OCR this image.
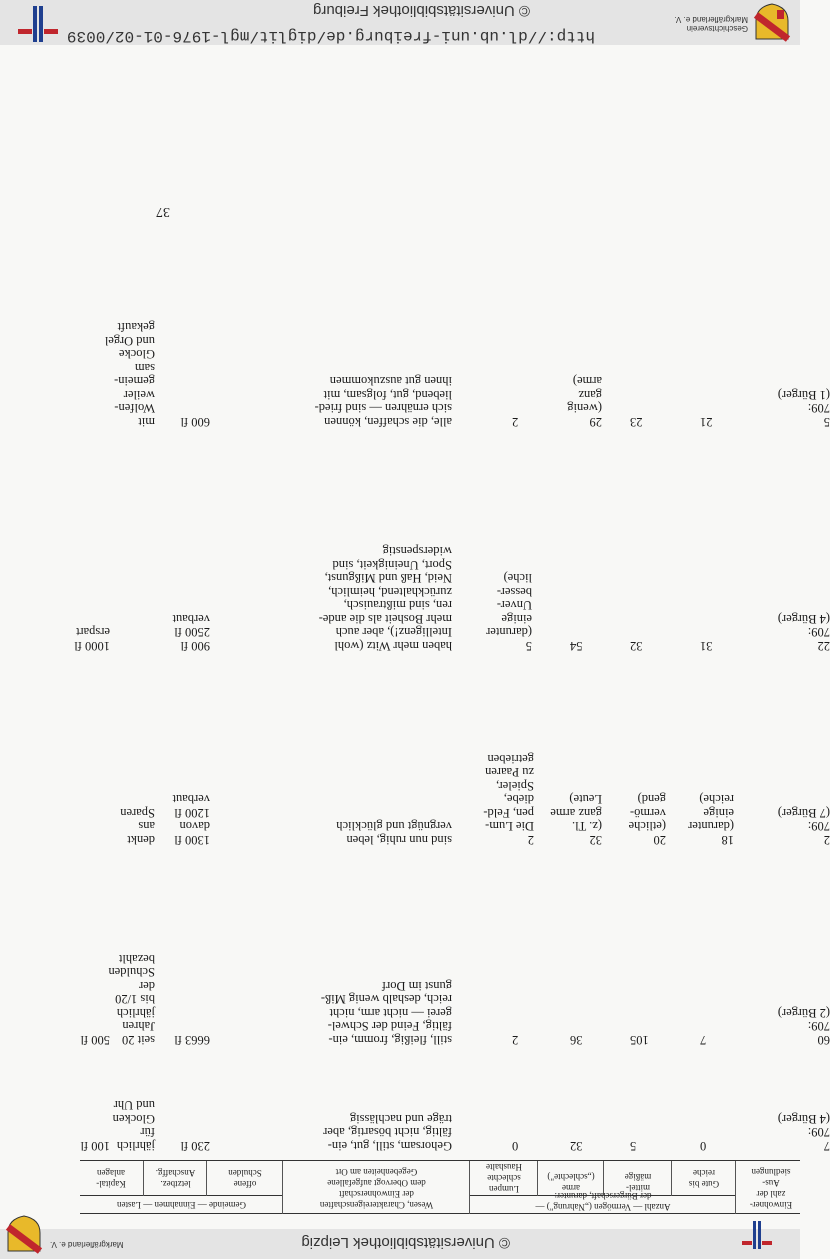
© Universitätsbibliothek Leipzig
Markgräflerland e. V.
Einwohner-
zahl der
Aus-
siedlungen
Anzahl — Vermögen („Nahrung") —
der Bürgerschaft, darunter:
Gute bis
reiche
mittel-
mäßige
arme
(„schlechte")
Lumpen
schlechte
Haushalte
Wesen, Charaktereigenschaften
der Einwohnerschaft
dem Obervogt aufgefallene
Gegebenheiten am Ort
Gemeinde — Einnahmen — Lasten
offene
Schulden
letztbez.
Anschaffg.
Kapital-
anlagen
7
709:
(4 Bürger)
0
5
32
0
Gehorsam, still, gut, ein-
fältig, nicht bösartig, aber
träge und nachlässig
230 fl
jährlich
für
Glocken
und Uhr
100 fl
60
709:
(2 Bürger)
7
105
36
2
still, fleißig, fromm, ein-
fältig, Feind der Schwel-
gerei — nicht arm, nicht
reich, deshalb wenig Miß-
gunst im Dorf
6663 fl
seit 20
Jahren
jährlich
bis 1/20
der
Schulden
bezahlt
500 fl
2
709:
(7 Bürger)
18
(darunter
einige
reiche)
20
(etliche
vermö-
gend)
32
(z. Tl.
ganz arme
Leute)
2
Die Lum-
pen, Feld-
diebe,
Spieler,
zu Paaren
getrieben
sind nun ruhig, leben
vergnügt und glücklich
1300 fl
davon
1200 fl
verbaut
denkt
ans
Sparen
22
709:
(4 Bürger)
31
32
54
5
(darunter
einige
Unver-
besser-
liche)
haben mehr Witz (wohl
Intelligenz!), aber auch
mehr Bosheit als die ande-
ren, sind mißtrauisch,
zurückhaltend, heimlich,
Neid, Haß und Mißgunst,
Sport, Uneinigkeit, sind
widerspenstig
900 fl
2500 fl
verbaut
1000 fl
erspart
5
709:
(1 Bürger)
21
23
29
(wenig
ganz
arme)
2
alle, die schaffen, können
sich ernähren — sind fried-
liebend, gut, folgsam, mit
ihnen gut auszukommen
600 fl
mit
Wolfen-
weiler
gemein-
sam
Glocke
und Orgel
gekauft
37
Geschichtsverein
Markgräflerland e. V.
http://dl.ub.uni-freiburg.de/diglit/mgl-1976-01-02/0039
© Universitätsbibliothek Freiburg
